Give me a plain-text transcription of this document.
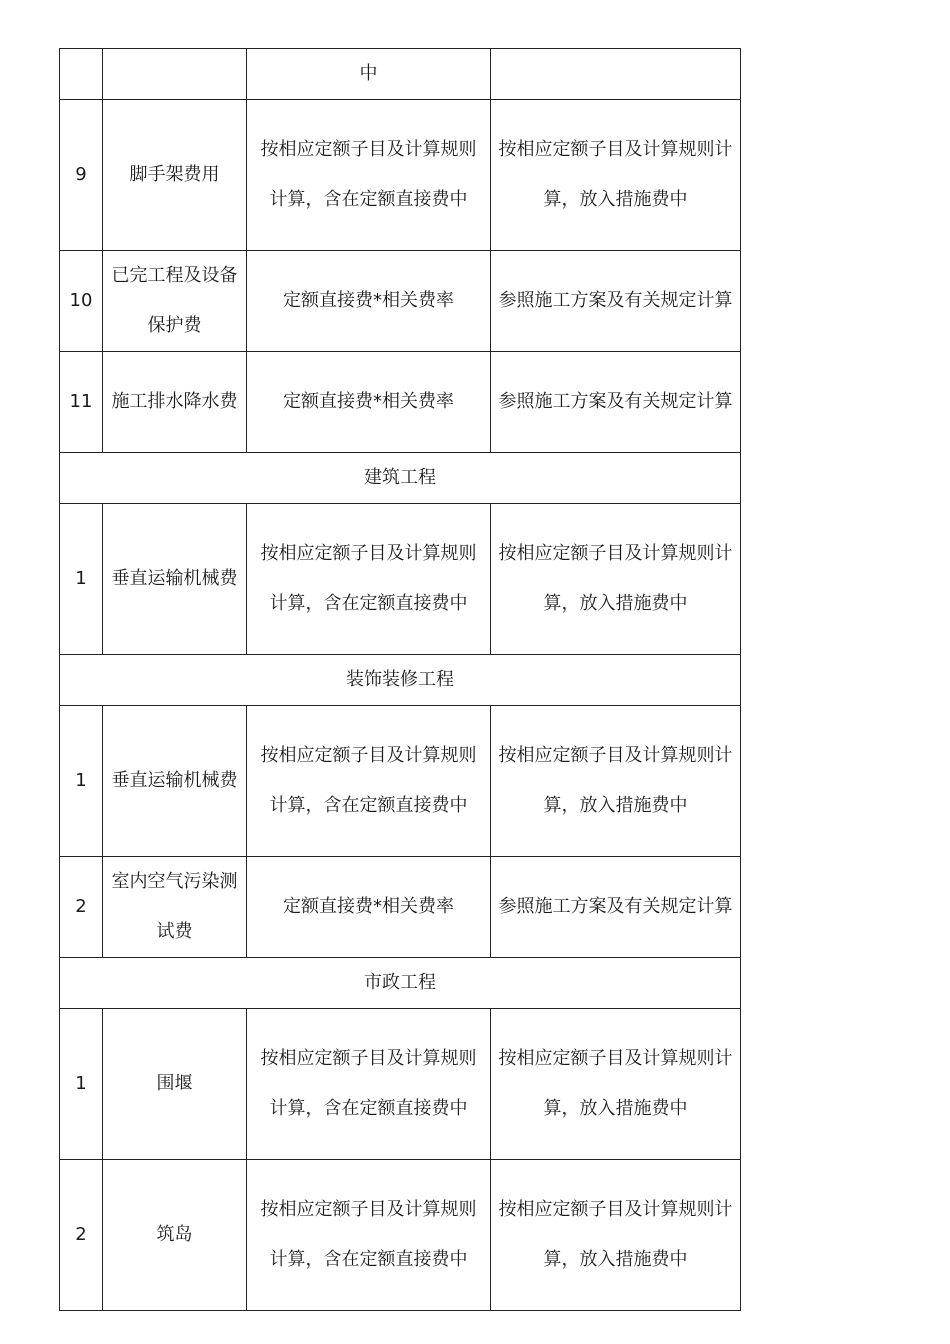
		中	
9	脚手架费用	按相应定额子目及计算规则计算，含在定额直接费中	按相应定额子目及计算规则计算，放入措施费中
10	已完工程及设备保护费	定额直接费*相关费率	参照施工方案及有关规定计算
11	施工排水降水费	定额直接费*相关费率	参照施工方案及有关规定计算
建筑工程			
1	垂直运输机械费	按相应定额子目及计算规则计算，含在定额直接费中	按相应定额子目及计算规则计算，放入措施费中
装饰装修工程			
1	垂直运输机械费	按相应定额子目及计算规则计算，含在定额直接费中	按相应定额子目及计算规则计算，放入措施费中
2	室内空气污染测试费	定额直接费*相关费率	参照施工方案及有关规定计算
市政工程			
1	围堰	按相应定额子目及计算规则计算，含在定额直接费中	按相应定额子目及计算规则计算，放入措施费中
2	筑岛	按相应定额子目及计算规则计算，含在定额直接费中	按相应定额子目及计算规则计算，放入措施费中
